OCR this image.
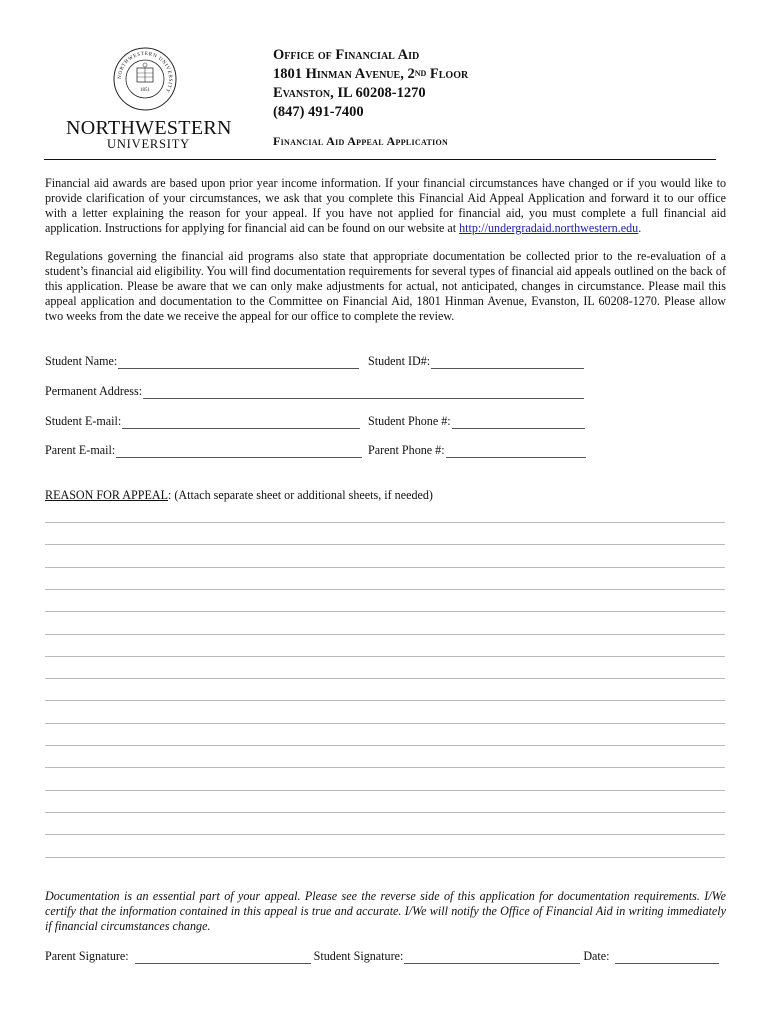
NORTHWESTERN UNIVERSITY
1851
NORTHWESTERN
UNIVERSITY
Office of Financial Aid
1801 Hinman Avenue, 2ND Floor
Evanston, IL 60208-1270
(847) 491-7400
Financial Aid Appeal Application

Financial aid awards are based upon prior year income information. If your financial circumstances have changed or if you would like to provide clarification of your circumstances, we ask that you complete this Financial Aid Appeal Application and forward it to our office with a letter explaining the reason for your appeal. If you have not applied for financial aid, you must complete a full financial aid application. Instructions for applying for financial aid can be found on our website at http://undergradaid.northwestern.edu.

Regulations governing the financial aid programs also state that appropriate documentation be collected prior to the re-evaluation of a student’s financial aid eligibility. You will find documentation requirements for several types of financial aid appeals outlined on the back of this application. Please be aware that we can only make adjustments for actual, not anticipated, changes in circumstance. Please mail this appeal application and documentation to the Committee on Financial Aid, 1801 Hinman Avenue, Evanston, IL 60208-1270. Please allow two weeks from the date we receive the appeal for our office to complete the review.

Student Name:	Student ID#:
Permanent Address:
Student E-mail:	Student Phone #:
Parent E-mail:	Parent Phone #:
REASON FOR APPEAL: (Attach separate sheet or additional sheets, if needed)

Documentation is an essential part of your appeal. Please see the reverse side of this application for documentation requirements. I/We certify that the information contained in this appeal is true and accurate. I/We will notify the Office of Financial Aid in writing immediately if financial circumstances change.

Parent Signature:	Student Signature:	Date:
